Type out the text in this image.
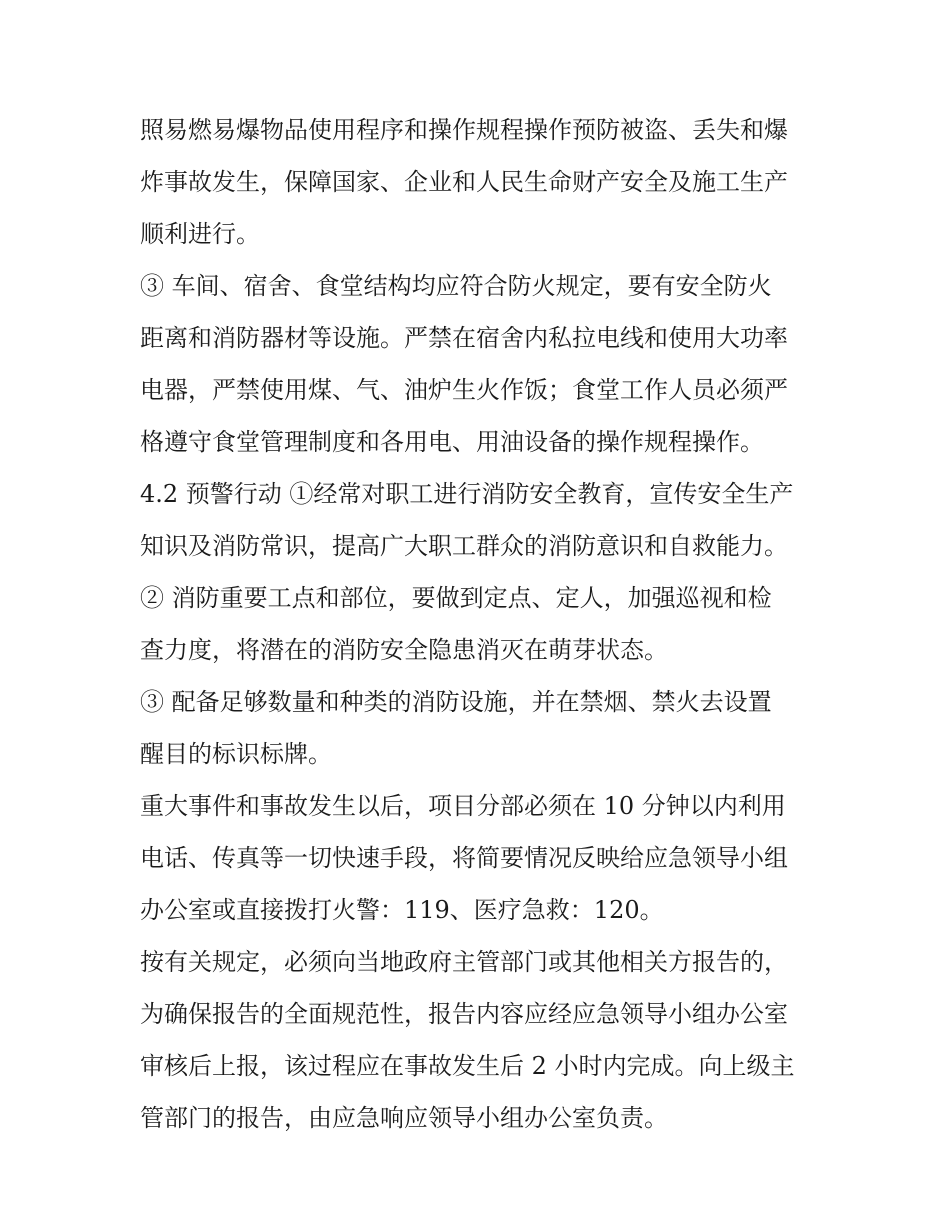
照易燃易爆物品使用程序和操作规程操作预防被盗、丢失和爆
炸事故发生，保障国家、企业和人民生命财产安全及施工生产
顺利进行。
③ 车间、宿舍、食堂结构均应符合防火规定，要有安全防火
距离和消防器材等设施。严禁在宿舍内私拉电线和使用大功率
电器，严禁使用煤、气、油炉生火作饭；食堂工作人员必须严
格遵守食堂管理制度和各用电、用油设备的操作规程操作。
4.2 预警行动 ①经常对职工进行消防安全教育，宣传安全生产
知识及消防常识，提高广大职工群众的消防意识和自救能力。
② 消防重要工点和部位，要做到定点、定人，加强巡视和检
查力度，将潜在的消防安全隐患消灭在萌芽状态。
③ 配备足够数量和种类的消防设施，并在禁烟、禁火去设置
醒目的标识标牌。
重大事件和事故发生以后，项目分部必须在 10 分钟以内利用
电话、传真等一切快速手段，将简要情况反映给应急领导小组
办公室或直接拨打火警：119、医疗急救：120。
按有关规定，必须向当地政府主管部门或其他相关方报告的，
为确保报告的全面规范性，报告内容应经应急领导小组办公室
审核后上报，该过程应在事故发生后 2 小时内完成。向上级主
管部门的报告，由应急响应领导小组办公室负责。
